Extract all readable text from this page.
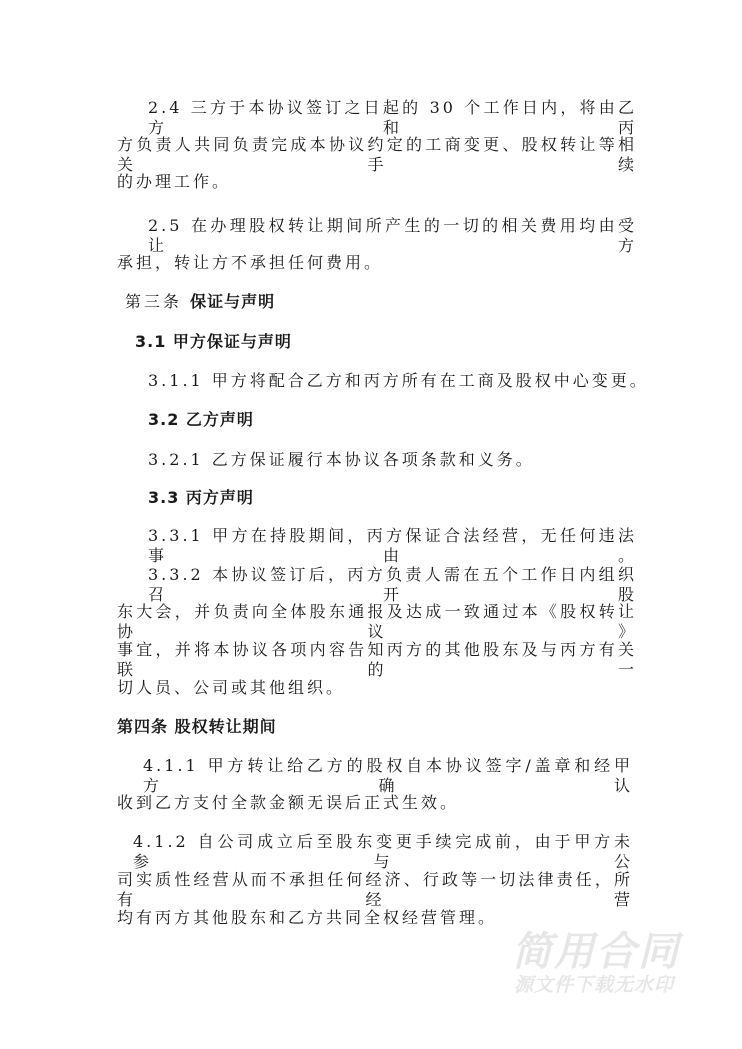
2.4 三方于本协议签订之日起的 30 个工作日内，将由乙方和丙
方负责人共同负责完成本协议约定的工商变更、股权转让等相关手续
的办理工作。
2.5 在办理股权转让期间所产生的一切的相关费用均由受让方
承担，转让方不承担任何费用。
第三条 保证与声明
3.1 甲方保证与声明
3.1.1 甲方将配合乙方和丙方所有在工商及股权中心变更。
3.2 乙方声明
3.2.1 乙方保证履行本协议各项条款和义务。
3.3 丙方声明
3.3.1 甲方在持股期间，丙方保证合法经营，无任何违法事由。
3.3.2 本协议签订后，丙方负责人需在五个工作日内组织召开股
东大会，并负责向全体股东通报及达成一致通过本《股权转让协议》
事宜，并将本协议各项内容告知丙方的其他股东及与丙方有关联的一
切人员、公司或其他组织。
第四条 股权转让期间
4.1.1 甲方转让给乙方的股权自本协议签字/盖章和经甲方确认
收到乙方支付全款金额无误后正式生效。
4.1.2 自公司成立后至股东变更手续完成前，由于甲方未参与公
司实质性经营从而不承担任何经济、行政等一切法律责任，所有经营
均有丙方其他股东和乙方共同全权经营管理。
简用合同
源文件下载无水印
